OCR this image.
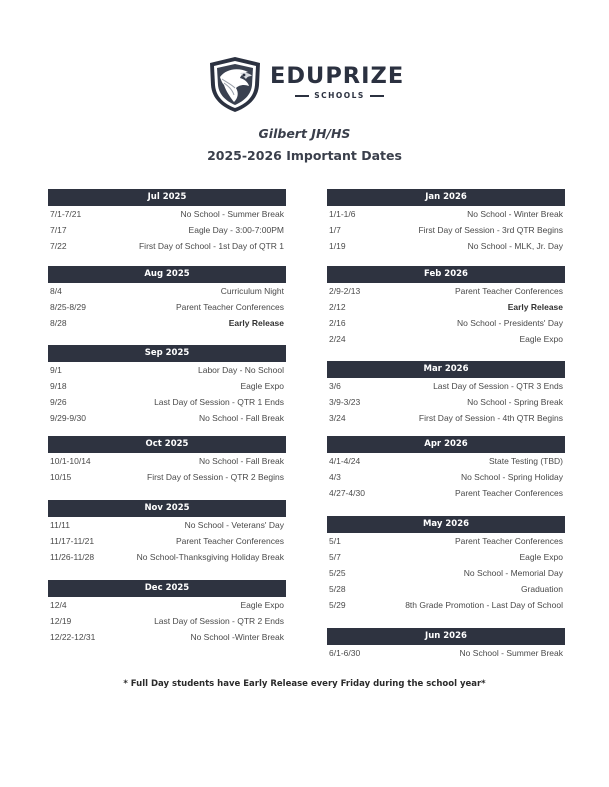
EDUPRIZE
SCHOOLS
Gilbert JH/HS
2025-2026 Important Dates
Jul 2025
7/1-7/21	No School - Summer Break
7/17	Eagle Day - 3:00-7:00PM
7/22	First Day of School - 1st Day of QTR 1
Aug 2025
8/4	Curriculum Night
8/25-8/29	Parent Teacher Conferences
8/28	Early Release
Sep 2025
9/1	Labor Day - No School
9/18	Eagle Expo
9/26	Last Day of Session - QTR 1 Ends
9/29-9/30	No School - Fall Break
Oct 2025
10/1-10/14	No School - Fall Break
10/15	First Day of Session - QTR 2 Begins
Nov 2025
11/11	No School - Veterans' Day
11/17-11/21	Parent Teacher Conferences
11/26-11/28	No School-Thanksgiving Holiday Break
Dec 2025
12/4	Eagle Expo
12/19	Last Day of Session - QTR 2 Ends
12/22-12/31	No School -Winter Break
Jan 2026
1/1-1/6	No School - Winter Break
1/7	First Day of Session - 3rd QTR Begins
1/19	No School - MLK, Jr. Day
Feb 2026
2/9-2/13	Parent Teacher Conferences
2/12	Early Release
2/16	No School - Presidents' Day
2/24	Eagle Expo
Mar 2026
3/6	Last Day of Session - QTR 3 Ends
3/9-3/23	No School - Spring Break
3/24	First Day of Session - 4th QTR Begins
Apr 2026
4/1-4/24	State Testing (TBD)
4/3	No School - Spring Holiday
4/27-4/30	Parent Teacher Conferences
May 2026
5/1	Parent Teacher Conferences
5/7	Eagle Expo
5/25	No School - Memorial Day
5/28	Graduation
5/29	8th Grade Promotion - Last Day of School
Jun 2026
6/1-6/30	No School - Summer Break
* Full Day students have Early Release every Friday during the school year*
